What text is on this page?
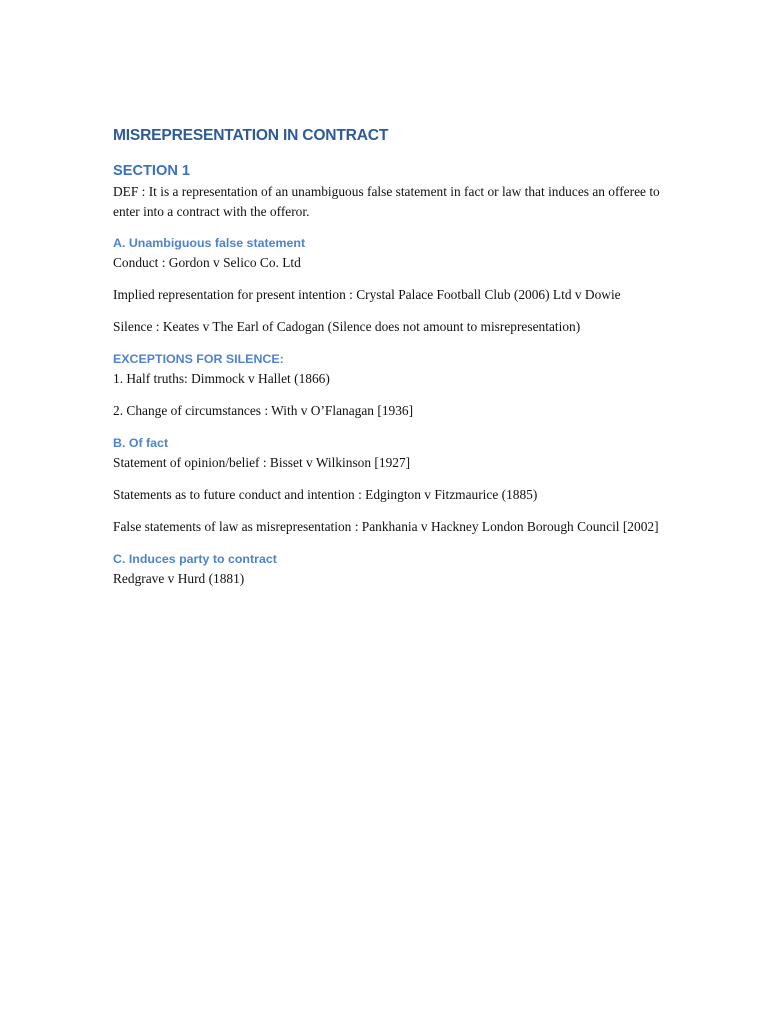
MISREPRESENTATION IN CONTRACT
SECTION 1

DEF : It is a representation of an unambiguous false statement in fact or law that induces an offeree to enter into a contract with the offeror.

A. Unambiguous false statement

Conduct : Gordon v Selico Co. Ltd

Implied representation for present intention : Crystal Palace Football Club (2006) Ltd v Dowie

Silence : Keates v The Earl of Cadogan (Silence does not amount to misrepresentation)

EXCEPTIONS FOR SILENCE:

1. Half truths: Dimmock v Hallet (1866)

2. Change of circumstances : With v O’Flanagan [1936]

B. Of fact

Statement of opinion/belief : Bisset v Wilkinson [1927]

Statements as to future conduct and intention : Edgington v Fitzmaurice (1885)

False statements of law as misrepresentation : Pankhania v Hackney London Borough Council [2002]

C. Induces party to contract

Redgrave v Hurd (1881)
